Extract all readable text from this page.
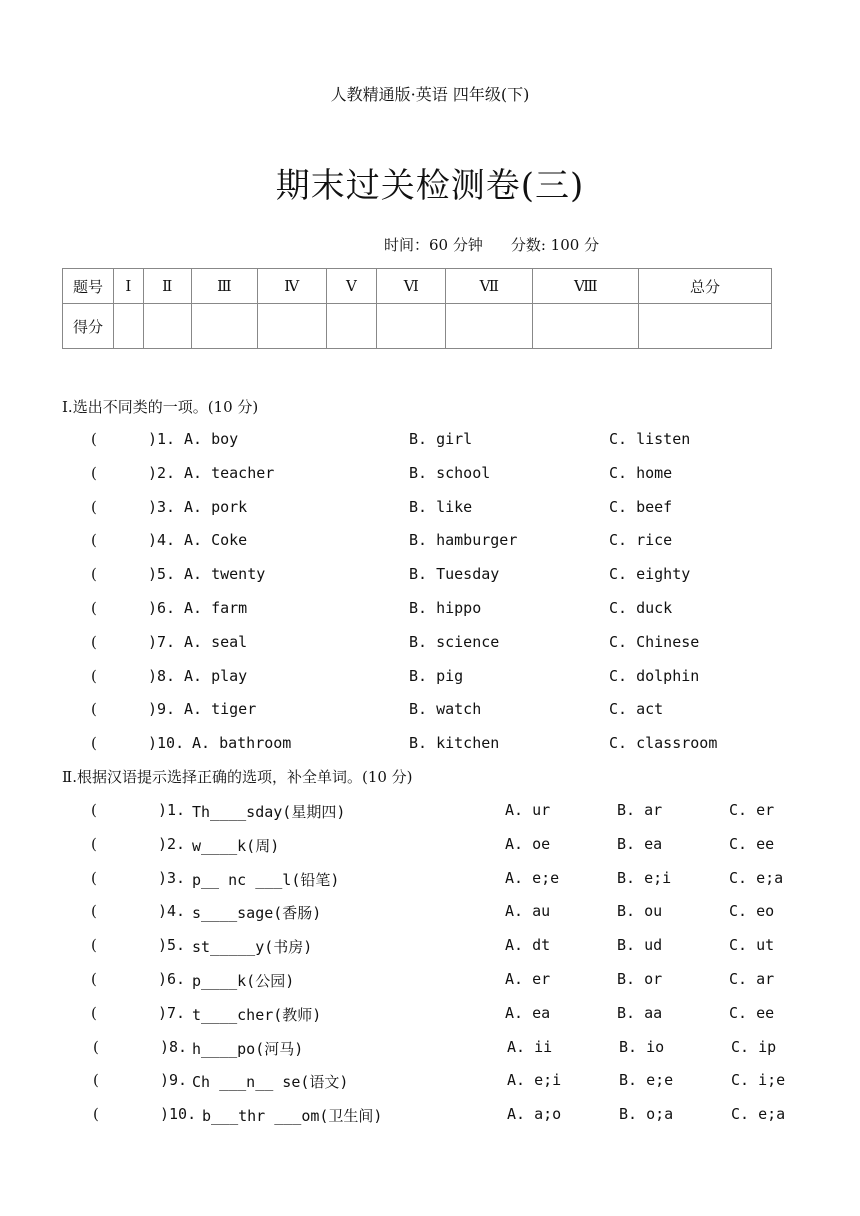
人教精通版·英语 四年级(下)
期末过关检测卷(三)
时间：60 分钟 分数: 100 分
题号	Ⅰ	Ⅱ	Ⅲ	Ⅳ	Ⅴ	Ⅵ	Ⅶ	Ⅷ	总分
得分									
Ⅰ.选出不同类的一项。(10 分)
(	)1. A. boy	B. girl	C. listen
(	)2. A. teacher	B. school	C. home
(	)3. A. pork	B. like	C. beef
(	)4. A. Coke	B. hamburger	C. rice
(	)5. A. twenty	B. Tuesday	C. eighty
(	)6. A. farm	B. hippo	C. duck
(	)7. A. seal	B. science	C. Chinese
(	)8. A. play	B. pig	C. dolphin
(	)9. A. tiger	B. watch	C. act
(	)10. A. bathroom	B. kitchen	C. classroom
Ⅱ.根据汉语提示选择正确的选项，补全单词。(10 分)
(	)1. Th____sday(星期四)	A. ur	B. ar	C. er
(	)2. w____k(周)	A. oe	B. ea	C. ee
(	)3. p__ nc ___l(铅笔)	A. e;e	B. e;i	C. e;a
(	)4. s____sage(香肠)	A. au	B. ou	C. eo
(	)5. st_____y(书房)	A. dt	B. ud	C. ut
(	)6. p____k(公园)	A. er	B. or	C. ar
(	)7. t____cher(教师)	A. ea	B. aa	C. ee
(	)8. h____po(河马)	A. ii	B. io	C. ip
(	)9. Ch ___n__ se(语文)	A. e;i	B. e;e	C. i;e
(	)10. b___thr ___om(卫生间)	A. a;o	B. o;a	C. e;a
